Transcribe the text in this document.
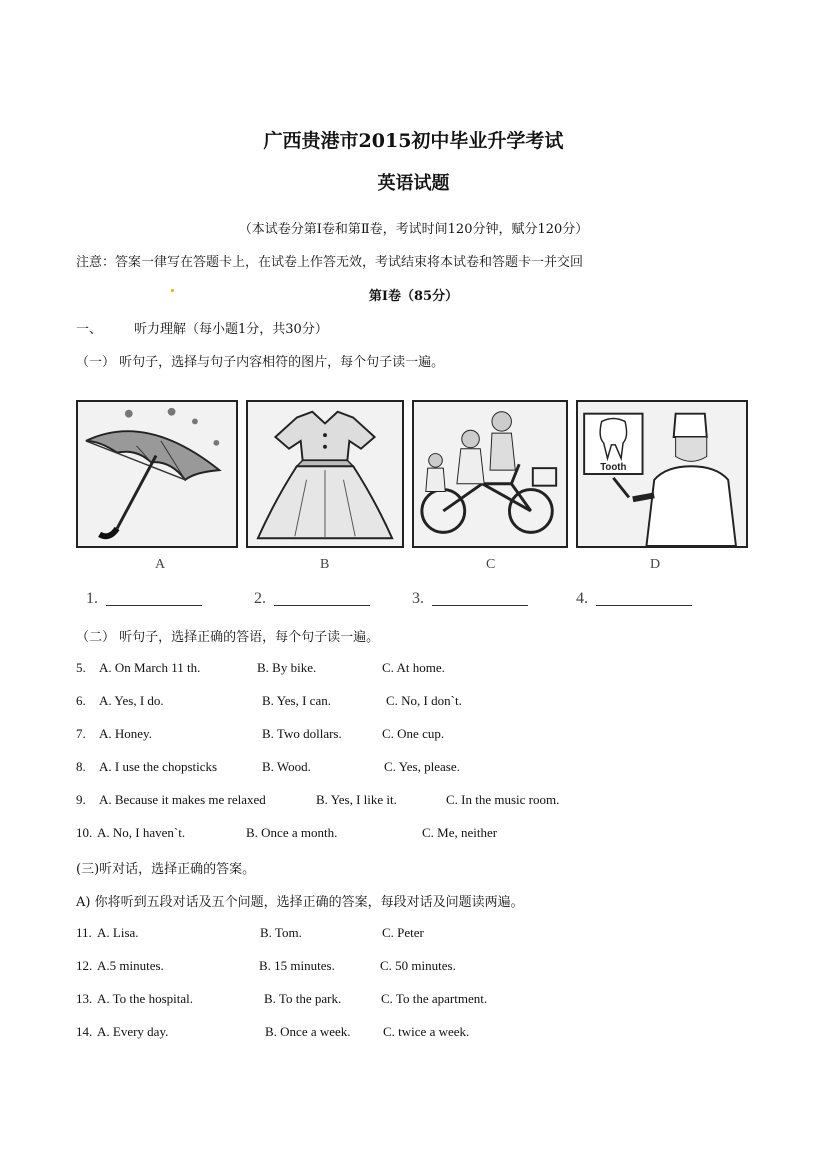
广西贵港市2015初中毕业升学考试
英语试题
（本试卷分第Ⅰ卷和第Ⅱ卷，考试时间120分钟，赋分120分）
注意：答案一律写在答题卡上，在试卷上作答无效，考试结束将本试卷和答题卡一并交回
第Ⅰ卷（85分）
一、 听力理解（每小题1分，共30分）
（一） 听句子，选择与句子内容相符的图片，每个句子读一遍。
Tooth
A	B	C	D
1.	2.	3.	4.
（二） 听句子，选择正确的答语，每个句子读一遍。
5. A. On March 11 th.	B. By bike.	C. At home.
6. A. Yes, I do.	B. Yes, I can.	C. No, I don`t.
7. A. Honey.	B. Two dollars.	C. One cup.
8. A. I use the chopsticks	B. Wood.	C. Yes, please.
9. A. Because it makes me relaxed	B. Yes, I like it.	C. In the music room.
10. A. No, I haven`t.	B. Once a month.	C. Me, neither
(三)听对话，选择正确的答案。
A) 你将听到五段对话及五个问题，选择正确的答案，每段对话及问题读两遍。
11. A. Lisa.	B. Tom.	C. Peter
12. A.5 minutes.	B. 15 minutes.	C. 50 minutes.
13. A. To the hospital.	B. To the park.	C. To the apartment.
14. A. Every day.	B. Once a week. C. twice a week.
